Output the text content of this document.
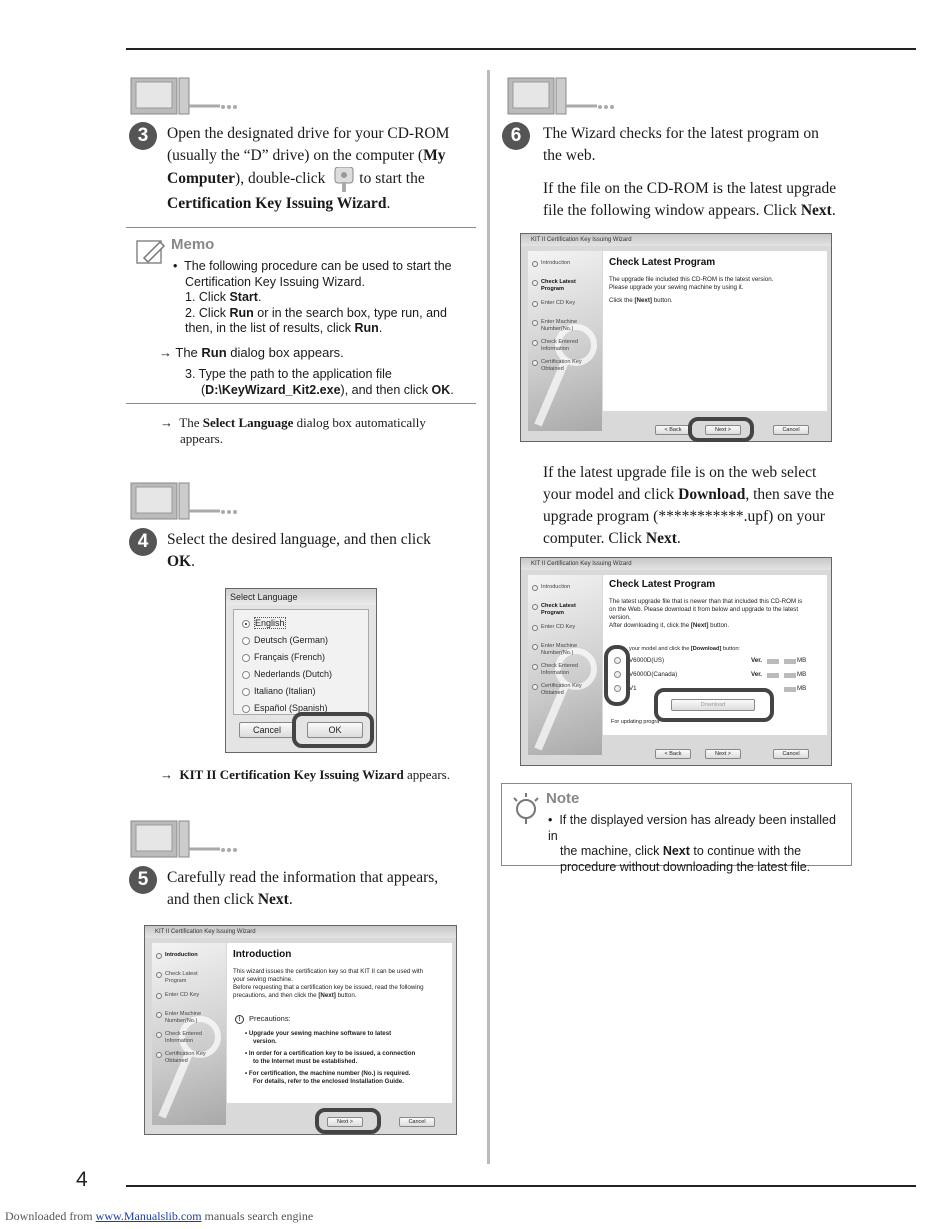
3	Open the designated drive for your CD-ROM
(usually the “D” drive) on the computer (My
Computer), double-click to start the
Certification Key Issuing Wizard.
Memo
•  The following procedure can be used to start the
Certification Key Issuing Wizard.
1. Click Start.
2. Click Run or in the search box, type run, and
then, in the list of results, click Run.
→ The Run dialog box appears.
3. Type the path to the application file
(D:\KeyWizard_Kit2.exe), and then click OK.
→  The Select Language dialog box automatically
appears.
4	Select the desired language, and then click
OK.
Select Language
English
Deutsch (German)
Français (French)
Nederlands (Dutch)
Italiano (Italian)
Español (Spanish)
Cancel	OK
→  KIT II Certification Key Issuing Wizard appears.
5	Carefully read the information that appears,
and then click Next.
KIT II Certification Key Issuing Wizard
Introduction
Check Latest
Program
Enter CD Key
Enter Machine
Number(No.)
Check Entered
Information
Certification Key
Obtained
Introduction
This wizard issues the certification key so that KIT II can be used with
your sewing machine.
Before requesting that a certification key be issued, read the following
precautions, and then click the [Next] button.
! Precautions:
• Upgrade your sewing machine software to latest
version.
• In order for a certification key to be issued, a connection
to the Internet must be established.
• For certification, the machine number (No.) is required.
For details, refer to the enclosed Installation Guide.
Next >	Cancel
6	The Wizard checks for the latest program on
the web.
If the file on the CD-ROM is the latest upgrade
file the following window appears. Click Next.
KIT II Certification Key Issuing Wizard
Introduction
Check Latest
Program
Enter CD Key
Enter Machine
Number(No.)
Check Entered
Information
Certification Key
Obtained
Check Latest Program
The upgrade file included this CD-ROM is the latest version.
Please upgrade your sewing machine by using it.
Click the [Next] button.
< Back	Next >	Cancel
If the latest upgrade file is on the web select
your model and click Download, then save the
upgrade program (***********.upf) on your
computer. Click Next.
KIT II Certification Key Issuing Wizard
Introduction
Check Latest
Program
Enter CD Key
Enter Machine
Number(No.)
Check Entered
Information
Certification Key
Obtained
Check Latest Program
The latest upgrade file that is newer than that included this CD-ROM is
on the Web. Please download it from below and upgrade to the latest
version.
After downloading it, click the [Next] button.
your model and click the [Download] button:
V6000D(US)	Ver.	MB
V6000D(Canada)	Ver.	MB
V1	MB
Download
For updating progra
< Back	Next >	Cancel
Note
•  If the displayed version has already been installed in
the machine, click Next to continue with the
procedure without downloading the latest file.
4
Downloaded from www.Manualslib.com manuals search engine
